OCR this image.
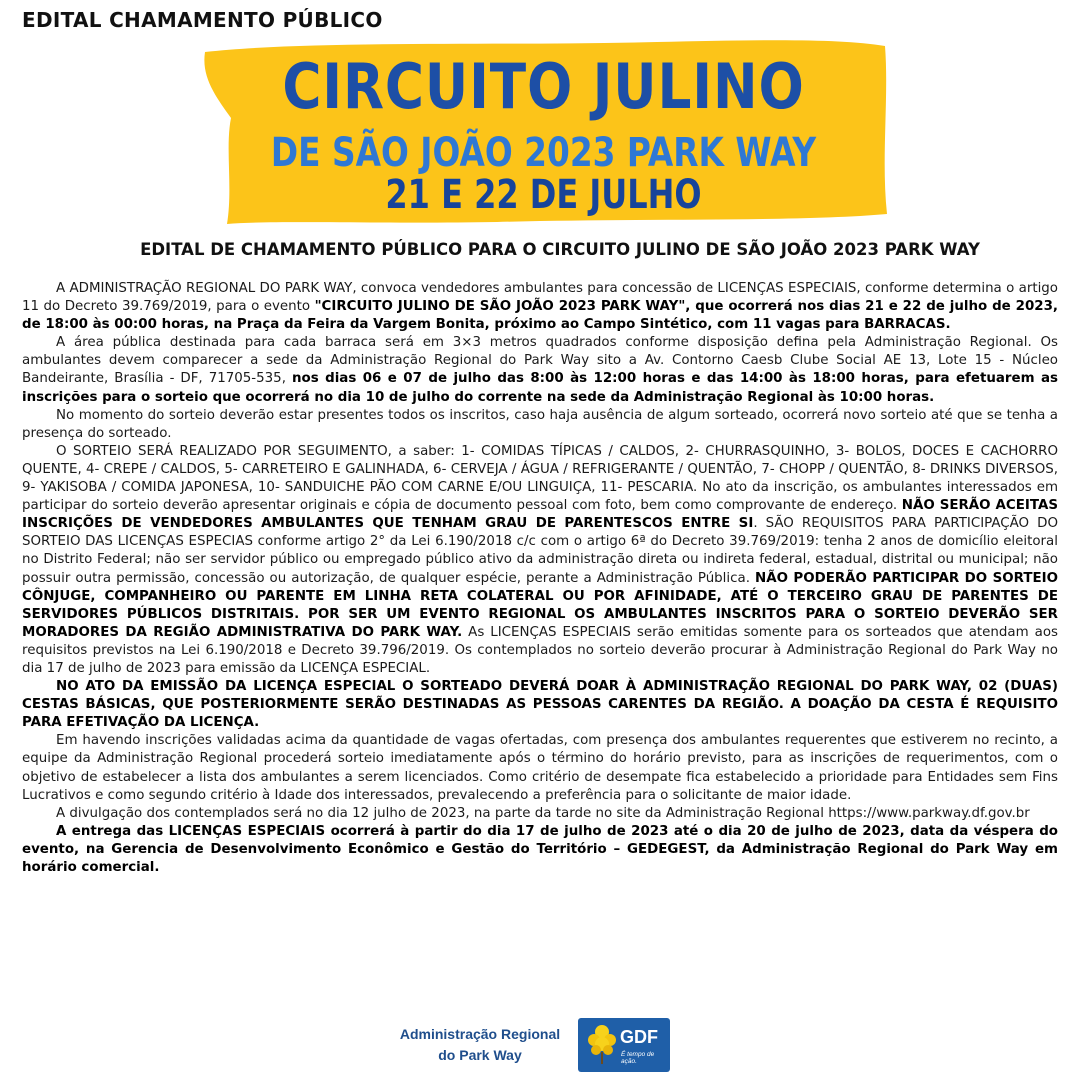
EDITAL CHAMAMENTO PÚBLICO
CIRCUITO JULINO
DE SÃO JOÃO 2023 PARK WAY
21 E 22 DE JULHO
EDITAL DE CHAMAMENTO PÚBLICO PARA O CIRCUITO JULINO DE SÃO JOÃO 2023 PARK WAY

A ADMINISTRAÇÃO REGIONAL DO PARK WAY, convoca vendedores ambulantes para concessão de LICENÇAS ESPECIAIS, conforme determina o artigo 11 do Decreto 39.769/2019, para o evento "CIRCUITO JULINO DE SÃO JOÃO 2023 PARK WAY", que ocorrerá nos dias 21 e 22 de julho de 2023, de 18:00 às 00:00 horas, na Praça da Feira da Vargem Bonita, próximo ao Campo Sintético, com 11 vagas para BARRACAS.

A área pública destinada para cada barraca será em 3×3 metros quadrados conforme disposição defina pela Administração Regional. Os ambulantes devem comparecer a sede da Administração Regional do Park Way sito a Av. Contorno Caesb Clube Social AE 13, Lote 15 - Núcleo Bandeirante, Brasília - DF, 71705-535, nos dias 06 e 07 de julho das 8:00 às 12:00 horas e das 14:00 às 18:00 horas, para efetuarem as inscrições para o sorteio que ocorrerá no dia 10 de julho do corrente na sede da Administração Regional às 10:00 horas.

No momento do sorteio deverão estar presentes todos os inscritos, caso haja ausência de algum sorteado, ocorrerá novo sorteio até que se tenha a presença do sorteado.

O SORTEIO SERÁ REALIZADO POR SEGUIMENTO, a saber: 1- COMIDAS TÍPICAS / CALDOS, 2- CHURRASQUINHO, 3- BOLOS, DOCES E CACHORRO QUENTE, 4- CREPE / CALDOS, 5- CARRETEIRO E GALINHADA, 6- CERVEJA / ÁGUA / REFRIGERANTE / QUENTÃO, 7- CHOPP / QUENTÃO, 8- DRINKS DIVERSOS, 9- YAKISOBA / COMIDA JAPONESA, 10- SANDUICHE PÃO COM CARNE E/OU LINGUIÇA, 11- PESCARIA. No ato da inscrição, os ambulantes interessados em participar do sorteio deverão apresentar originais e cópia de documento pessoal com foto, bem como comprovante de endereço. NÃO SERÃO ACEITAS INSCRIÇÕES DE VENDEDORES AMBULANTES QUE TENHAM GRAU DE PARENTESCOS ENTRE SI. SÃO REQUISITOS PARA PARTICIPAÇÃO DO SORTEIO DAS LICENÇAS ESPECIAS conforme artigo 2° da Lei 6.190/2018 c/c com o artigo 6ª do Decreto 39.769/2019: tenha 2 anos de domicílio eleitoral no Distrito Federal; não ser servidor público ou empregado público ativo da administração direta ou indireta federal, estadual, distrital ou municipal; não possuir outra permissão, concessão ou autorização, de qualquer espécie, perante a Administração Pública. NÃO PODERÃO PARTICIPAR DO SORTEIO CÔNJUGE, COMPANHEIRO OU PARENTE EM LINHA RETA COLATERAL OU POR AFINIDADE, ATÉ O TERCEIRO GRAU DE PARENTES DE SERVIDORES PÚBLICOS DISTRITAIS. POR SER UM EVENTO REGIONAL OS AMBULANTES INSCRITOS PARA O SORTEIO DEVERÃO SER MORADORES DA REGIÃO ADMINISTRATIVA DO PARK WAY. As LICENÇAS ESPECIAIS serão emitidas somente para os sorteados que atendam aos requisitos previstos na Lei 6.190/2018 e Decreto 39.796/2019. Os contemplados no sorteio deverão procurar à Administração Regional do Park Way no dia 17 de julho de 2023 para emissão da LICENÇA ESPECIAL.

NO ATO DA EMISSÃO DA LICENÇA ESPECIAL O SORTEADO DEVERÁ DOAR À ADMINISTRAÇÃO REGIONAL DO PARK WAY, 02 (DUAS) CESTAS BÁSICAS, QUE POSTERIORMENTE SERÃO DESTINADAS AS PESSOAS CARENTES DA REGIÃO. A DOAÇÃO DA CESTA É REQUISITO PARA EFETIVAÇÃO DA LICENÇA.

Em havendo inscrições validadas acima da quantidade de vagas ofertadas, com presença dos ambulantes requerentes que estiverem no recinto, a equipe da Administração Regional procederá sorteio imediatamente após o término do horário previsto, para as inscrições de requerimentos, com o objetivo de estabelecer a lista dos ambulantes a serem licenciados. Como critério de desempate fica estabelecido a prioridade para Entidades sem Fins Lucrativos e como segundo critério à Idade dos interessados, prevalecendo a preferência para o solicitante de maior idade.

A divulgação dos contemplados será no dia 12 julho de 2023, na parte da tarde no site da Administração Regional https://www.parkway.df.gov.br

A entrega das LICENÇAS ESPECIAIS ocorrerá à partir do dia 17 de julho de 2023 até o dia 20 de julho de 2023, data da véspera do evento, na Gerencia de Desenvolvimento Econômico e Gestão do Território – GEDEGEST, da Administração Regional do Park Way em horário comercial.

Administração Regional
do Park Way
GDF
É tempo de ação.
